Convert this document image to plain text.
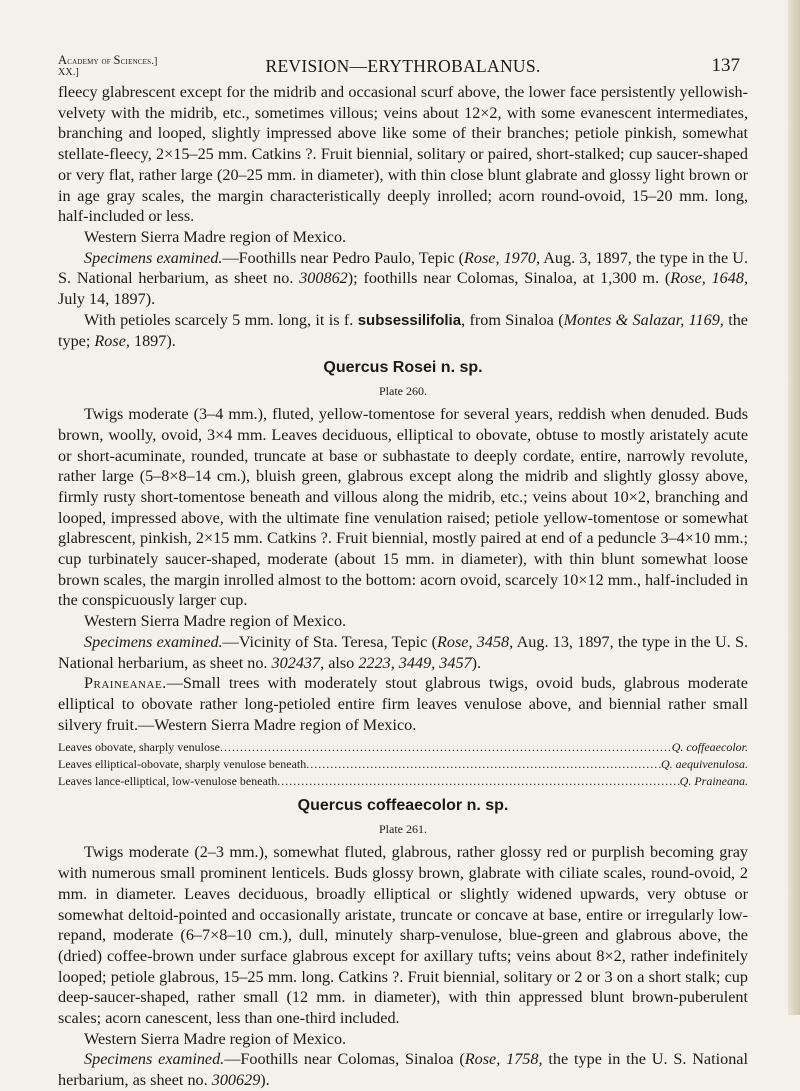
Academy of Sciences.]
XX.]	REVISION—ERYTHROBALANUS.	137

fleecy glabrescent except for the midrib and occasional scurf above, the lower face persistently yellowish-velvety with the midrib, etc., sometimes villous; veins about 12×2, with some evanescent intermediates, branching and looped, slightly impressed above like some of their branches; petiole pinkish, somewhat stellate-fleecy, 2×15–25 mm. Catkins ?. Fruit biennial, solitary or paired, short-stalked; cup saucer-shaped or very flat, rather large (20–25 mm. in diameter), with thin close blunt glabrate and glossy light brown or in age gray scales, the margin characteristically deeply inrolled; acorn round-ovoid, 15–20 mm. long, half-included or less.

Western Sierra Madre region of Mexico.

Specimens examined.—Foothills near Pedro Paulo, Tepic (Rose, 1970, Aug. 3, 1897, the type in the U. S. National herbarium, as sheet no. 300862); foothills near Colomas, Sinaloa, at 1,300 m. (Rose, 1648, July 14, 1897).

With petioles scarcely 5 mm. long, it is f. subsessilifolia, from Sinaloa (Montes & Salazar, 1169, the type; Rose, 1897).

Quercus Rosei n. sp.
Plate 260.

Twigs moderate (3–4 mm.), fluted, yellow-tomentose for several years, reddish when denuded. Buds brown, woolly, ovoid, 3×4 mm. Leaves deciduous, elliptical to obovate, obtuse to mostly aristately acute or short-acuminate, rounded, truncate at base or subhastate to deeply cordate, entire, narrowly revolute, rather large (5–8×8–14 cm.), bluish green, glabrous except along the midrib and slightly glossy above, firmly rusty short-tomentose beneath and villous along the midrib, etc.; veins about 10×2, branching and looped, impressed above, with the ultimate fine venulation raised; petiole yellow-tomentose or somewhat glabrescent, pinkish, 2×15 mm. Catkins ?. Fruit biennial, mostly paired at end of a peduncle 3–4×10 mm.; cup turbinately saucer-shaped, moderate (about 15 mm. in diameter), with thin blunt somewhat loose brown scales, the margin inrolled almost to the bottom: acorn ovoid, scarcely 10×12 mm., half-included in the conspicuously larger cup.

Western Sierra Madre region of Mexico.

Specimens examined.—Vicinity of Sta. Teresa, Tepic (Rose, 3458, Aug. 13, 1897, the type in the U. S. National herbarium, as sheet no. 302437, also 2223, 3449, 3457).

Praineanae.—Small trees with moderately stout glabrous twigs, ovoid buds, glabrous moderate elliptical to obovate rather long-petioled entire firm leaves venulose above, and biennial rather small silvery fruit.—Western Sierra Madre region of Mexico.

Leaves obovate, sharply venulose .....	Q. coffeaecolor.
Leaves elliptical-obovate, sharply venulose beneath .....	Q. aequivenulosa.
Leaves lance-elliptical, low-venulose beneath .....	Q. Praineana.
Quercus coffeaecolor n. sp.
Plate 261.

Twigs moderate (2–3 mm.), somewhat fluted, glabrous, rather glossy red or purplish becoming gray with numerous small prominent lenticels. Buds glossy brown, glabrate with ciliate scales, round-ovoid, 2 mm. in diameter. Leaves deciduous, broadly elliptical or slightly widened upwards, very obtuse or somewhat deltoid-pointed and occasionally aristate, truncate or concave at base, entire or irregularly low-repand, moderate (6–7×8–10 cm.), dull, minutely sharp-venulose, blue-green and glabrous above, the (dried) coffee-brown under surface glabrous except for axillary tufts; veins about 8×2, rather indefinitely looped; petiole glabrous, 15–25 mm. long. Catkins ?. Fruit biennial, solitary or 2 or 3 on a short stalk; cup deep-saucer-shaped, rather small (12 mm. in diameter), with thin appressed blunt brown-puberulent scales; acorn canescent, less than one-third included.

Western Sierra Madre region of Mexico.

Specimens examined.—Foothills near Colomas, Sinaloa (Rose, 1758, the type in the U. S. National herbarium, as sheet no. 300629).
